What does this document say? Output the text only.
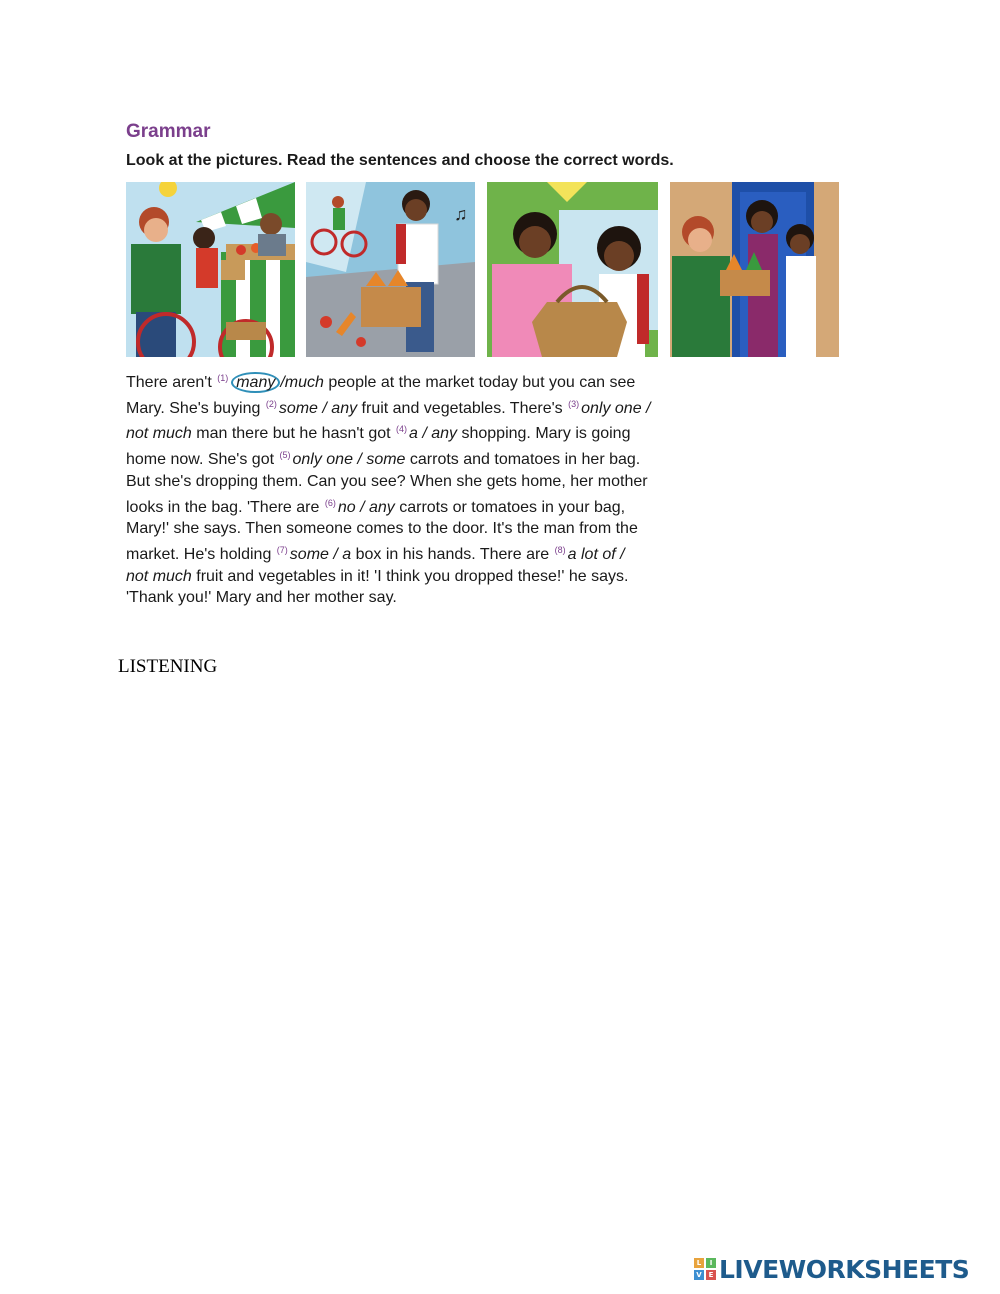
Grammar
Look at the pictures. Read the sentences and choose the correct words.
♫
There aren't $^{(1)}$ many /much people at the market today but you can see
Mary. She's buying $^{(2)}$ some / any fruit and vegetables. There's $^{(3)}$ only one /
not much man there but he hasn't got $^{(4)}$ a / any shopping. Mary is going
home now. She's got $^{(5)}$ only one / some carrots and tomatoes in her bag.
But she's dropping them. Can you see? When she gets home, her mother
looks in the bag. 'There are $^{(6)}$ no / any carrots or tomatoes in your bag,
Mary!' she says. Then someone comes to the door. It's the man from the
market. He's holding $^{(7)}$ some / a box in his hands. There are $^{(8)}$ a lot of /
not much fruit and vegetables in it! 'I think you dropped these!' he says.
'Thank you!' Mary and her mother say.
LISTENING
L	I
V E LIVEWORKSHEETS
